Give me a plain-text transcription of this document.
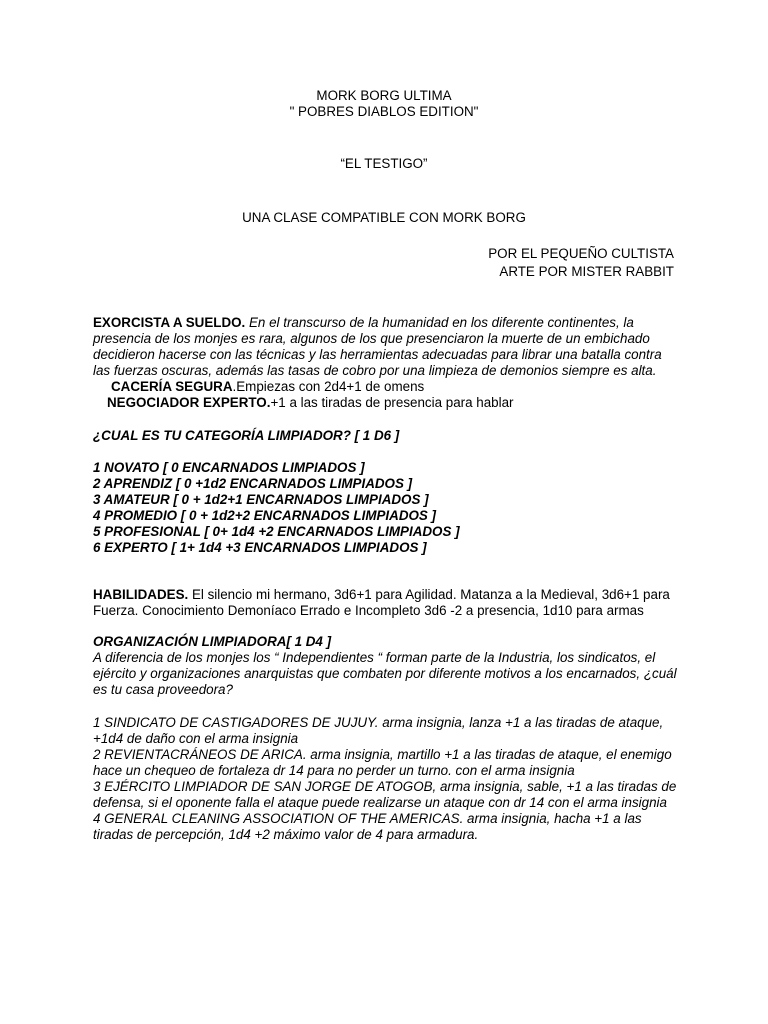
MORK BORG ULTIMA

" POBRES DIABLOS EDITION"

“EL TESTIGO”
UNA CLASE COMPATIBLE CON MORK BORG

POR EL PEQUEÑO CULTISTA

ARTE POR MISTER RABBIT

EXORCISTA A SUELDO. En el transcurso de la humanidad en los diferente continentes, la presencia de los monjes es rara, algunos de los que presenciaron la muerte de un embichado decidieron hacerse con las técnicas y las herramientas adecuadas para librar una batalla contra las fuerzas oscuras, además las tasas de cobro por una limpieza de demonios siempre es alta.

CACERÍA SEGURA.Empiezas con 2d4+1 de omens

NEGOCIADOR EXPERTO.+1 a las tiradas de presencia para hablar

¿CUAL ES TU CATEGORÍA LIMPIADOR? [ 1 D6 ]

1 NOVATO [ 0 ENCARNADOS LIMPIADOS ]

2 APRENDIZ [ 0 +1d2 ENCARNADOS LIMPIADOS ]

3 AMATEUR [ 0 + 1d2+1 ENCARNADOS LIMPIADOS ]

4 PROMEDIO [ 0 + 1d2+2 ENCARNADOS LIMPIADOS ]

5 PROFESIONAL [ 0+ 1d4 +2 ENCARNADOS LIMPIADOS ]

6 EXPERTO [ 1+ 1d4 +3 ENCARNADOS LIMPIADOS ]

HABILIDADES. El silencio mi hermano, 3d6+1 para Agilidad. Matanza a la Medieval, 3d6+1 para Fuerza. Conocimiento Demoníaco Errado e Incompleto 3d6 -2 a presencia, 1d10 para armas

ORGANIZACIÓN LIMPIADORA[ 1 D4 ]

A diferencia de los monjes los “ Independientes “ forman parte de la Industria, los sindicatos, el ejército y organizaciones anarquistas que combaten por diferente motivos a los encarnados, ¿cuál es tu casa proveedora?

1 SINDICATO DE CASTIGADORES DE JUJUY. arma insignia, lanza +1 a las tiradas de ataque, +1d4 de daño con el arma insignia

2 REVIENTACRÁNEOS DE ARICA. arma insignia, martillo +1 a las tiradas de ataque, el enemigo hace un chequeo de fortaleza dr 14 para no perder un turno. con el arma insignia

3 EJÉRCITO LIMPIADOR DE SAN JORGE DE ATOGOB, arma insignia, sable, +1 a las tiradas de defensa, si el oponente falla el ataque puede realizarse un ataque con dr 14 con el arma insignia

4 GENERAL CLEANING ASSOCIATION OF THE AMERICAS. arma insignia, hacha +1 a las tiradas de percepción, 1d4 +2 máximo valor de 4 para armadura.
